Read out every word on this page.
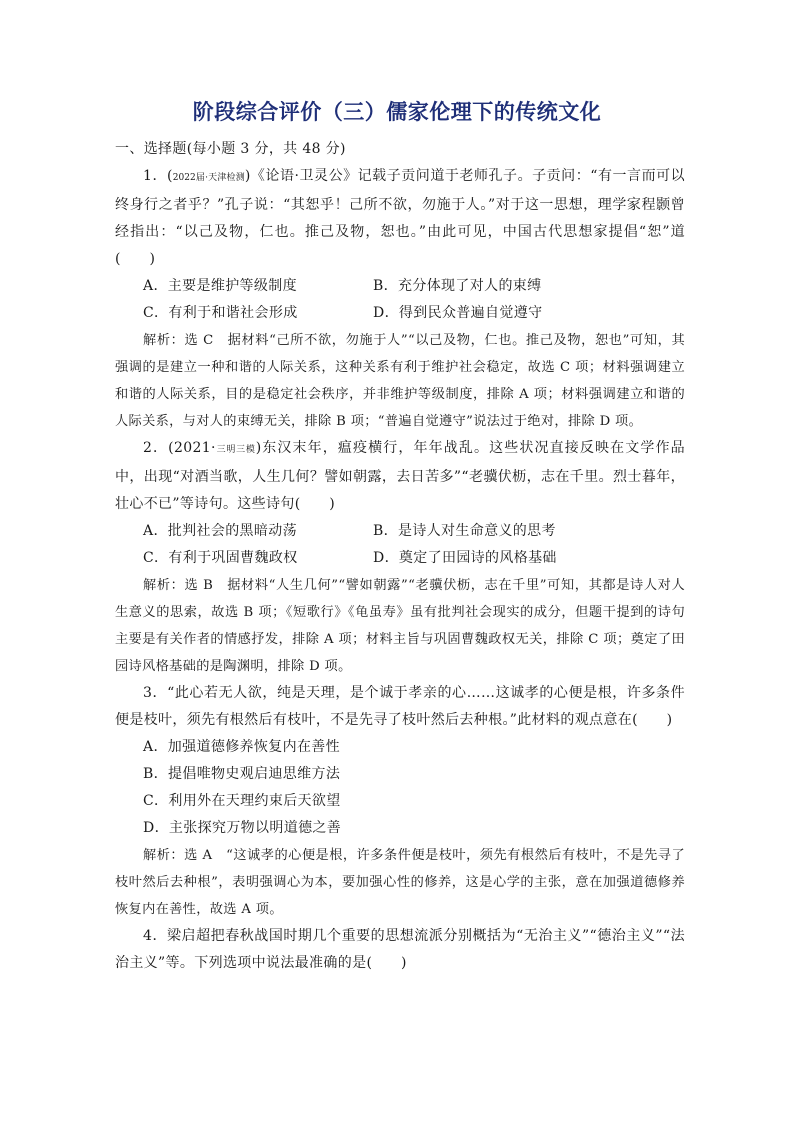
阶段综合评价（三）儒家伦理下的传统文化

一、选择题(每小题 3 分，共 48 分)

1．(2022届·天津检测)《论语·卫灵公》记载子贡问道于老师孔子。子贡问：“有一言而可以终身行之者乎？”孔子说：“其恕乎！己所不欲，勿施于人。”对于这一思想，理学家程颢曾经指出：“以己及物，仁也。推己及物，恕也。”由此可见，中国古代思想家提倡“恕”道(　　)

A．主要是维护等级制度	B．充分体现了对人的束缚
C．有利于和谐社会形成	D．得到民众普遍自觉遵守

解析：选 C　据材料“己所不欲，勿施于人”“以己及物，仁也。推己及物，恕也”可知，其强调的是建立一种和谐的人际关系，这种关系有利于维护社会稳定，故选 C 项；材料强调建立和谐的人际关系，目的是稳定社会秩序，并非维护等级制度，排除 A 项；材料强调建立和谐的人际关系，与对人的束缚无关，排除 B 项；“普遍自觉遵守”说法过于绝对，排除 D 项。

2．(2021·三明三模)东汉末年，瘟疫横行，年年战乱。这些状况直接反映在文学作品中，出现“对酒当歌，人生几何？譬如朝露，去日苦多”“老骥伏枥，志在千里。烈士暮年，壮心不已”等诗句。这些诗句(　　)

A．批判社会的黑暗动荡	B．是诗人对生命意义的思考
C．有利于巩固曹魏政权	D．奠定了田园诗的风格基础

解析：选 B　据材料“人生几何”“譬如朝露”“老骥伏枥，志在千里”可知，其都是诗人对人生意义的思索，故选 B 项；《短歌行》《龟虽寿》虽有批判社会现实的成分，但题干提到的诗句主要是有关作者的情感抒发，排除 A 项；材料主旨与巩固曹魏政权无关，排除 C 项；奠定了田园诗风格基础的是陶渊明，排除 D 项。

3．“此心若无人欲，纯是天理，是个诚于孝亲的心……这诚孝的心便是根，许多条件便是枝叶，须先有根然后有枝叶，不是先寻了枝叶然后去种根。”此材料的观点意在(　　)

A．加强道德修养恢复内在善性

B．提倡唯物史观启迪思维方法

C．利用外在天理约束后天欲望

D．主张探究万物以明道德之善

解析：选 A　“这诚孝的心便是根，许多条件便是枝叶，须先有根然后有枝叶，不是先寻了枝叶然后去种根”，表明强调心为本，要加强心性的修养，这是心学的主张，意在加强道德修养恢复内在善性，故选 A 项。

4．梁启超把春秋战国时期几个重要的思想流派分别概括为“无治主义”“德治主义”“法治主义”等。下列选项中说法最准确的是(　　)
